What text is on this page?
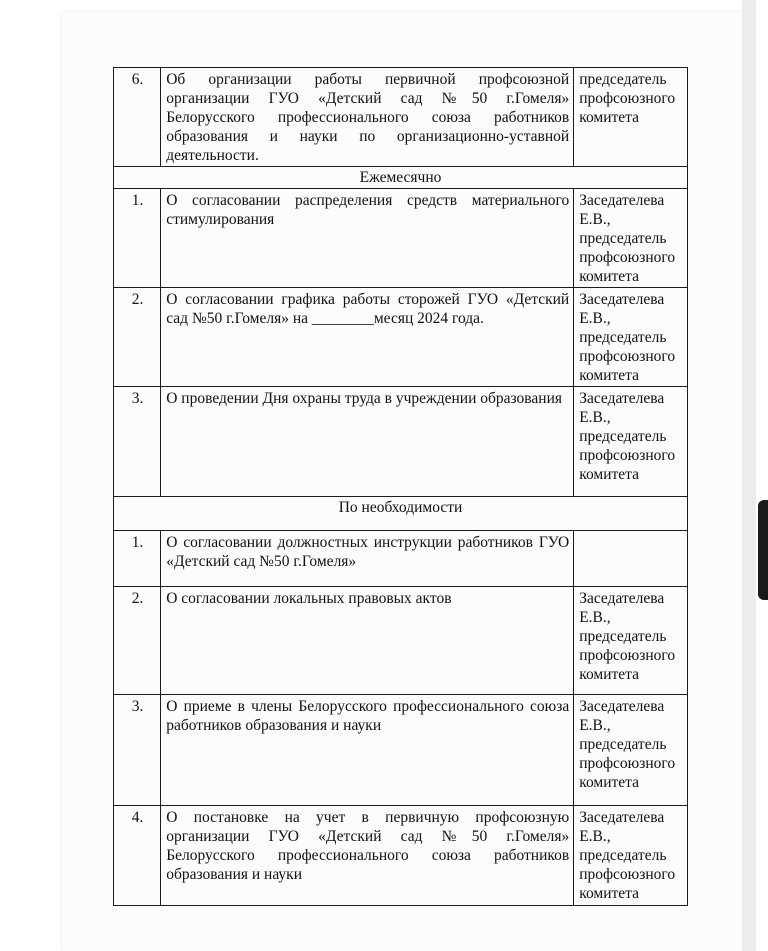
6.	Об организации работы первичной профсоюзной организации ГУО «Детский сад №50 г.Гомеля» Белорусского профессионального союза работников образования и науки по организационно-уставной деятельности.	председатель профсоюзного комитета
Ежемесячно		
1.	О согласовании распределения средств материального стимулирования	Заседателева Е.В., председатель профсоюзного комитета
2.	О согласовании графика работы сторожей ГУО «Детский сад №50 г.Гомеля» на ________месяц 2024 года.	Заседателева Е.В., председатель профсоюзного комитета
3.	О проведении Дня охраны труда в учреждении образования	Заседателева Е.В., председатель профсоюзного комитета
По необходимости		
1.	О согласовании должностных инструкции работников ГУО «Детский сад №50 г.Гомеля»	
2.	О согласовании локальных правовых актов	Заседателева Е.В., председатель профсоюзного комитета
3.	О приеме в члены Белорусского профессионального союза работников образования и науки	Заседателева Е.В., председатель профсоюзного комитета
4.	О постановке на учет в первичную профсоюзную организации ГУО «Детский сад №50 г.Гомеля» Белорусского профессионального союза работников образования и науки	Заседателева Е.В., председатель профсоюзного комитета
